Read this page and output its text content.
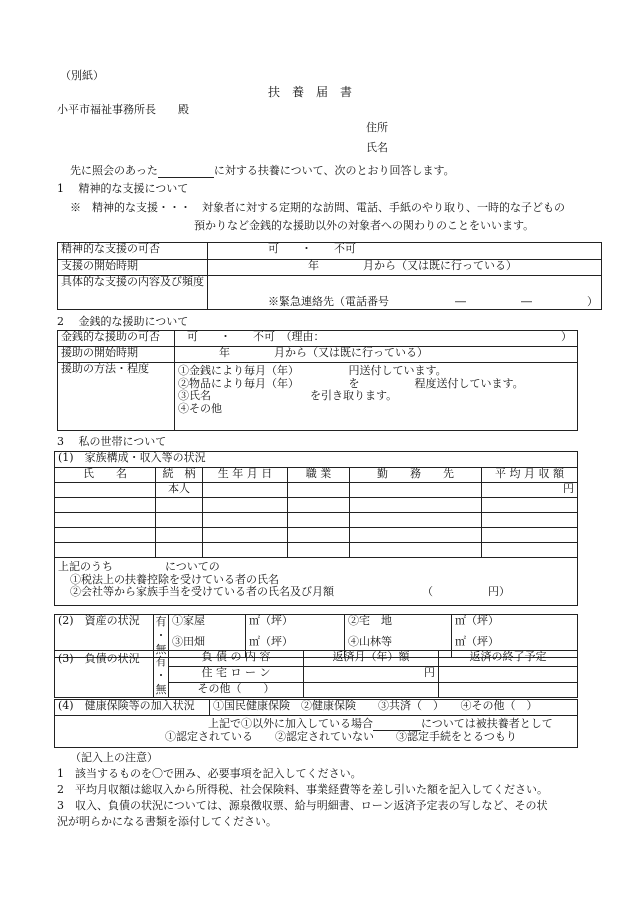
（別紙）
扶　養　届　書
小平市福祉事務所長　　殿
住所
氏名
先に照会のあった	に対する扶養について、次のとおり回答します。
1　 精神的な支援について
※　精神的な支援・・・　対象者に対する定期的な訪問、電話、手紙のやり取り、一時的な子どもの
預かりなど金銭的な援助以外の対象者への関わりのことをいいます。
精神的な支援の可否	可　　・　　不可
支援の開始時期	年　　　　月から（又は既に行っている）
具体的な支援の内容及び頻度	※緊急連絡先（電話番号　　　　　　―　　　　　―　　　　　）
2　 金銭的な援助について
金銭的な援助の可否	可　　・　　不可　（理由：　　　　　　　　　　　　　　　　　　　　　　）
援助の開始時期	年　　　　月から（又は既に行っている）
援助の方法・程度	①金銭により毎月（年）　　　　　円送付しています。
②物品により毎月（年）　　　　　を　　　　　程度送付しています。
③氏名　　　　　　　　　を引き取ります。
④その他
3　 私の世帯について
(1)　家族構成・収入等の状況					
氏　　名	続　柄	生 年 月 日	職 業	勤　　務　　先	平 均 月 収 額
	本人				円

上記のうち についての
①税法上の扶養控除を受けている者の氏名
②会社等から家族手当を受けている者の氏名及び月額 （　　　　　円）					
(2)　資産の状況	有
・
無	①家屋	㎡（坪）	②宅　地	㎡（坪）
		③田畑	㎡（坪）	④山林等	㎡（坪）
(3)　負債の状況	有
・
無	負 債 の 内 容	返済月（年）額	返済の終了予定
		住 宅 ロ ー ン	円	
		その他（　　）		
(4)　健康保険等の加入状況	①国民健康保険　②健康保険　　③共済（　）　　④その他（　）

上記で①以外に加入している場合	については被扶養者として
①認定されている　　②認定されていない　　③認定手続をとるつもり
（記入上の注意）
1　該当するものを〇で囲み、必要事項を記入してください。
2　平均月収額は総収入から所得税、社会保険料、事業経費等を差し引いた額を記入してください。
3　収入、負債の状況については、源泉徴収票、給与明細書、ローン返済予定表の写しなど、その状
況が明らかになる書類を添付してください。
